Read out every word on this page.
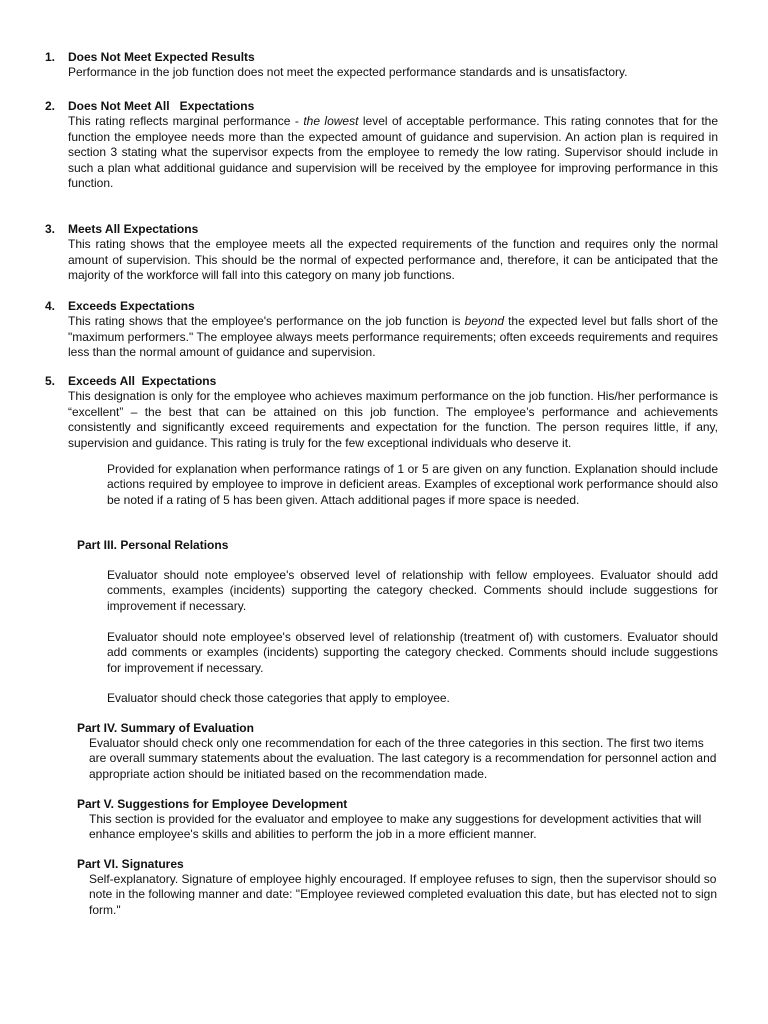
1.	Does Not Meet Expected Results
Performance in the job function does not meet the expected performance standards and is unsatisfactory.
2.	Does Not Meet All   Expectations
This rating reflects marginal performance - the lowest level of acceptable performance. This rating connotes that for the function the employee needs more than the expected amount of guidance and supervision. An action plan is required in section 3 stating what the supervisor expects from the employee to remedy the low rating. Supervisor should include in such a plan what additional guidance and supervision will be received by the employee for improving performance in this function.
3.	Meets All Expectations
This rating shows that the employee meets all the expected requirements of the function and requires only the normal amount of supervision. This should be the normal of expected performance and, therefore, it can be anticipated that the majority of the workforce will fall into this category on many job functions.
4.	Exceeds Expectations
This rating shows that the employee's performance on the job function is beyond the expected level but falls short of the "maximum performers." The employee always meets performance requirements; often exceeds requirements and requires less than the normal amount of guidance and supervision.
5.	Exceeds All  Expectations
This designation is only for the employee who achieves maximum performance on the job function. His/her performance is “excellent” – the best that can be attained on this job function. The employee’s performance and achievements consistently and significantly exceed requirements and expectation for the function. The person requires little, if any, supervision and guidance. This rating is truly for the few exceptional individuals who deserve it.
Provided for explanation when performance ratings of 1 or 5 are given on any function. Explanation should include actions required by employee to improve in deficient areas. Examples of exceptional work performance should also be noted if a rating of 5 has been given. Attach additional pages if more space is needed.
Part III. Personal Relations
Evaluator should note employee's observed level of relationship with fellow employees. Evaluator should add comments, examples (incidents) supporting the category checked. Comments should include suggestions for improvement if necessary.
Evaluator should note employee's observed level of relationship (treatment of) with customers. Evaluator should add comments or examples (incidents) supporting the category checked. Comments should include suggestions for improvement if necessary.
Evaluator should check those categories that apply to employee.
Part IV. Summary of Evaluation
Evaluator should check only one recommendation for each of the three categories in this section. The first two items are overall summary statements about the evaluation. The last category is a recommendation for personnel action and appropriate action should be initiated based on the recommendation made.
Part V. Suggestions for Employee Development
This section is provided for the evaluator and employee to make any suggestions for development activities that will enhance employee's skills and abilities to perform the job in a more efficient manner.
Part VI. Signatures
Self-explanatory. Signature of employee highly encouraged. If employee refuses to sign, then the supervisor should so note in the following manner and date: "Employee reviewed completed evaluation this date, but has elected not to sign form."
